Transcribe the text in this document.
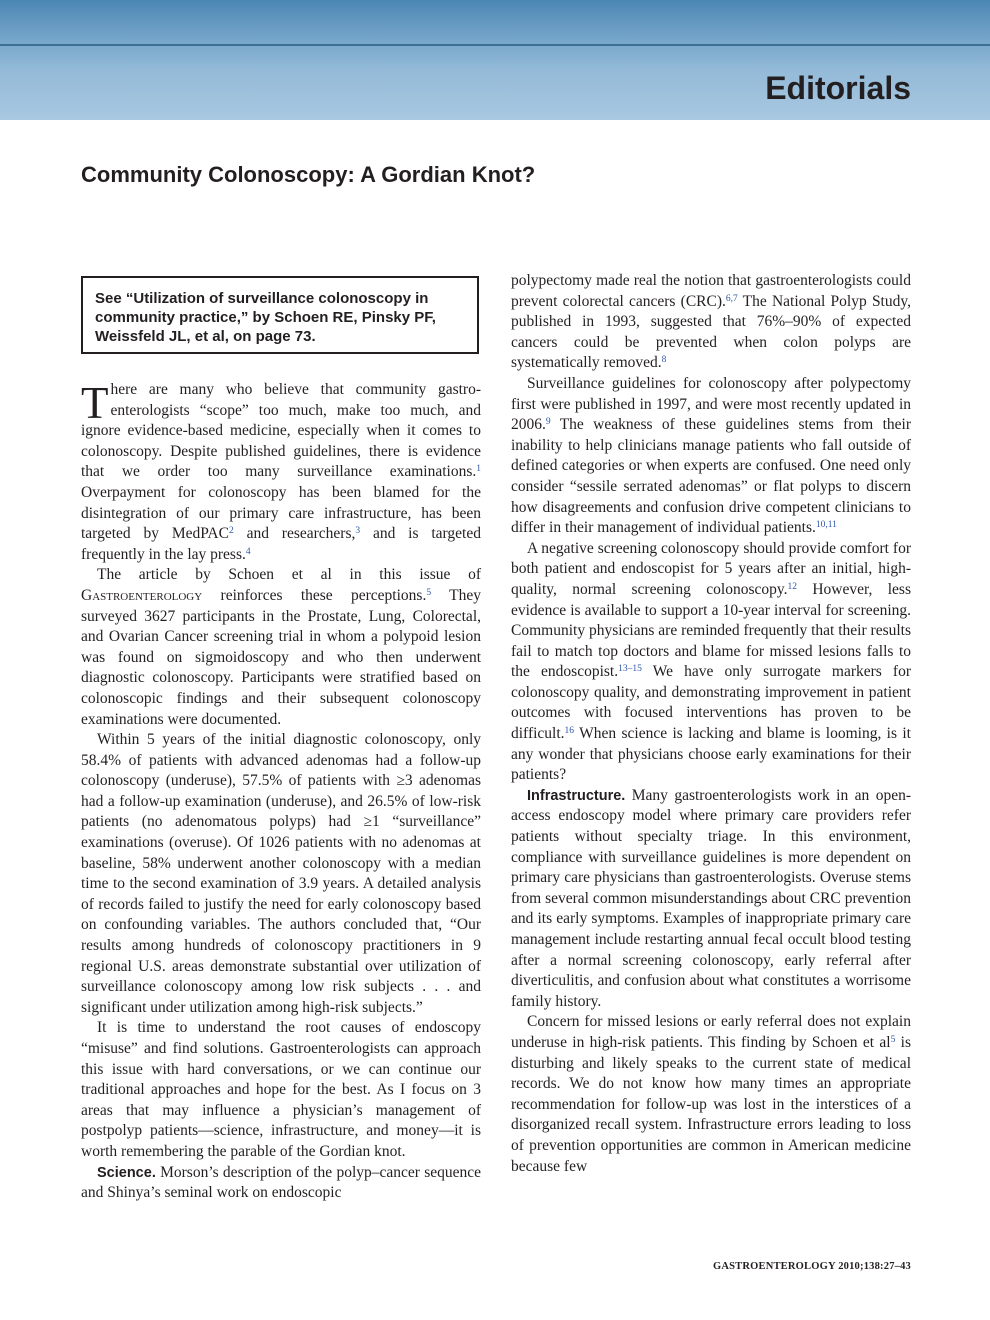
Editorials
Community Colonoscopy: A Gordian Knot?
See “Utilization of surveillance colonoscopy in community practice,” by Schoen RE, Pinsky PF, Weissfeld JL, et al, on page 73.

There are many who believe that community gastroenterologists “scope” too much, make too much, and ignore evidence-based medicine, especially when it comes to colonoscopy. Despite published guidelines, there is evidence that we order too many surveillance examinations.$^1$ Overpayment for colonoscopy has been blamed for the disintegration of our primary care infrastructure, has been targeted by MedPAC$^2$ and researchers,$^3$ and is targeted frequently in the lay press.$^4$

The article by Schoen et al in this issue of Gastroenterology reinforces these perceptions.$^5$ They surveyed 3627 participants in the Prostate, Lung, Colorectal, and Ovarian Cancer screening trial in whom a polypoid lesion was found on sigmoidoscopy and who then underwent diagnostic colonoscopy. Participants were stratified based on colonoscopic findings and their subsequent colonoscopy examinations were documented.

Within 5 years of the initial diagnostic colonoscopy, only 58.4% of patients with advanced adenomas had a follow-up colonoscopy (underuse), 57.5% of patients with ≥3 adenomas had a follow-up examination (underuse), and 26.5% of low-risk patients (no adenomatous polyps) had ≥1 “surveillance” examinations (overuse). Of 1026 patients with no adenomas at baseline, 58% underwent another colonoscopy with a median time to the second examination of 3.9 years. A detailed analysis of records failed to justify the need for early colonoscopy based on confounding variables. The authors concluded that, “Our results among hundreds of colonoscopy practitioners in 9 regional U.S. areas demonstrate substantial over utilization of surveillance colonoscopy among low risk subjects . . . and significant under utilization among high-risk subjects.”

It is time to understand the root causes of endoscopy “misuse” and find solutions. Gastroenterologists can approach this issue with hard conversations, or we can continue our traditional approaches and hope for the best. As I focus on 3 areas that may influence a physician’s management of postpolyp patients—science, infrastructure, and money—it is worth remembering the parable of the Gordian knot.

Science. Morson’s description of the polyp–cancer sequence and Shinya’s seminal work on endoscopic

polypectomy made real the notion that gastroenterologists could prevent colorectal cancers (CRC).$^{6,7}$ The National Polyp Study, published in 1993, suggested that 76%–90% of expected cancers could be prevented when colon polyps are systematically removed.$^8$

Surveillance guidelines for colonoscopy after polypectomy first were published in 1997, and were most recently updated in 2006.$^9$ The weakness of these guidelines stems from their inability to help clinicians manage patients who fall outside of defined categories or when experts are confused. One need only consider “sessile serrated adenomas” or flat polyps to discern how disagreements and confusion drive competent clinicians to differ in their management of individual patients.$^{10,11}$

A negative screening colonoscopy should provide comfort for both patient and endoscopist for 5 years after an initial, high-quality, normal screening colonoscopy.$^{12}$ However, less evidence is available to support a 10-year interval for screening. Community physicians are reminded frequently that their results fail to match top doctors and blame for missed lesions falls to the endoscopist.$^{13-15}$ We have only surrogate markers for colonoscopy quality, and demonstrating improvement in patient outcomes with focused interventions has proven to be difficult.$^{16}$ When science is lacking and blame is looming, is it any wonder that physicians choose early examinations for their patients?

Infrastructure. Many gastroenterologists work in an open-access endoscopy model where primary care providers refer patients without specialty triage. In this environment, compliance with surveillance guidelines is more dependent on primary care physicians than gastroenterologists. Overuse stems from several common misunderstandings about CRC prevention and its early symptoms. Examples of inappropriate primary care management include restarting annual fecal occult blood testing after a normal screening colonoscopy, early referral after diverticulitis, and confusion about what constitutes a worrisome family history.

Concern for missed lesions or early referral does not explain underuse in high-risk patients. This finding by Schoen et al$^5$ is disturbing and likely speaks to the current state of medical records. We do not know how many times an appropriate recommendation for follow-up was lost in the interstices of a disorganized recall system. Infrastructure errors leading to loss of prevention opportunities are common in American medicine because few

GASTROENTEROLOGY 2010;138:27–43
